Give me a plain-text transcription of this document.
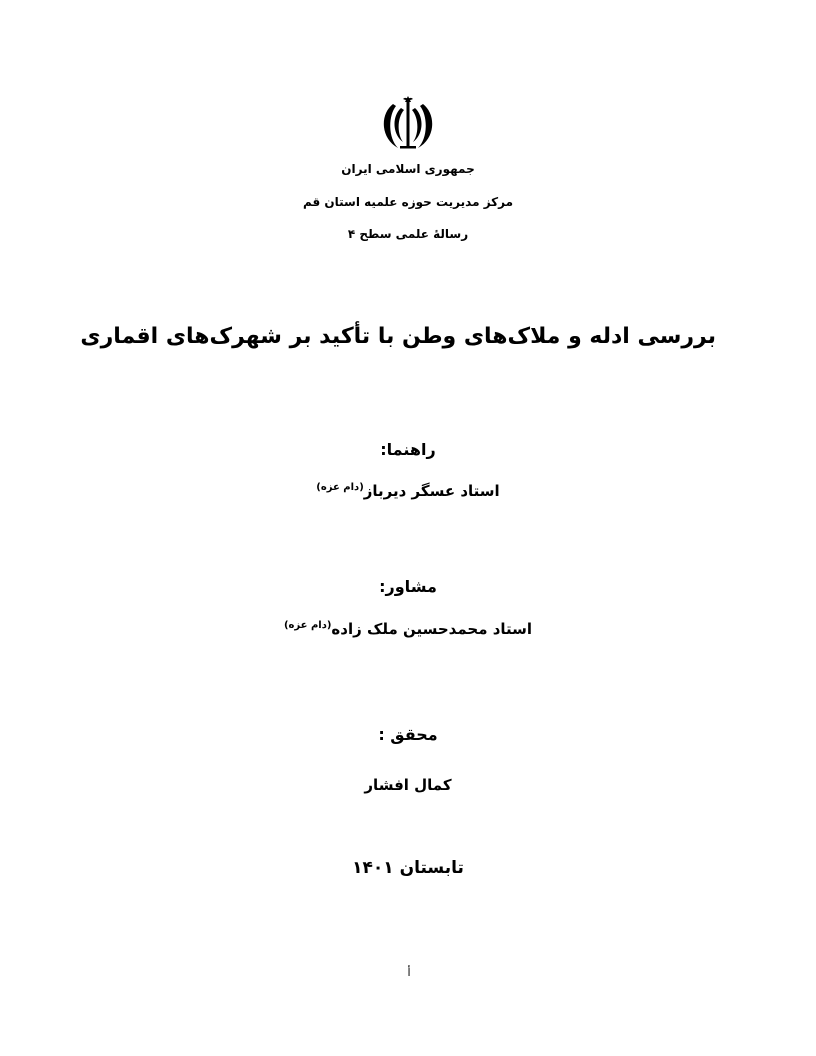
جمهوری اسلامی ایران
مرکز مدیریت حوزه علمیه استان قم
رسالۀ علمی سطح ۴
بررسی ادله و ملاک‌های وطن با تأکید بر شهرک‌های اقماری
راهنما:
استاد عسگر دیرباز$^{(دام عزه)}$
مشاور:
استاد محمدحسین ملک زاده$^{(دام عزه)}$
محقق :
کمال افشار
تابستان ۱۴۰۱
أ
